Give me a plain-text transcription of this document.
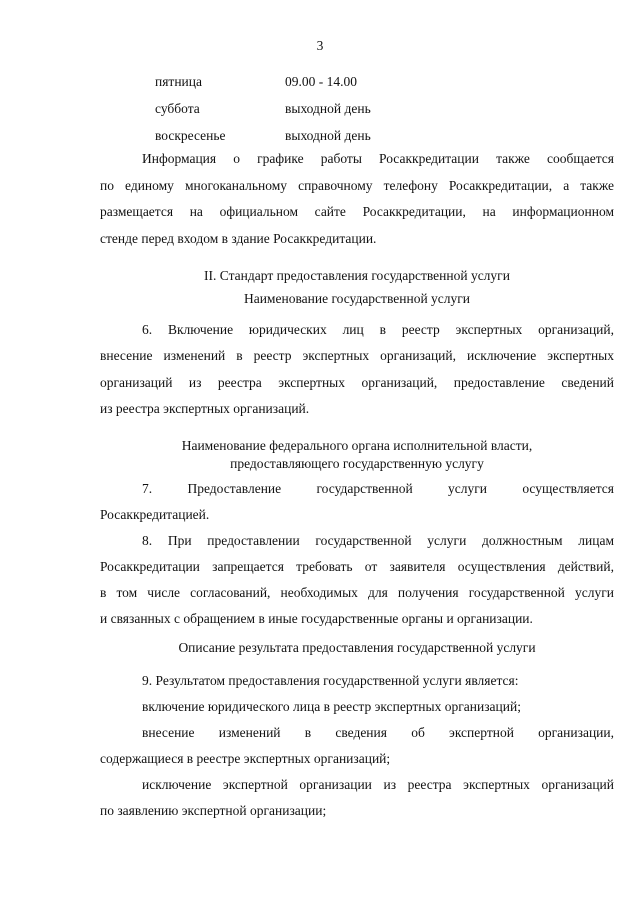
3
пятница	09.00 - 14.00
суббота	выходной день
воскресенье	выходной день
Информация о графике работы Росаккредитации также сообщается
по единому многоканальному справочному телефону Росаккредитации, а также
размещается на официальном сайте Росаккредитации, на информационном
стенде перед входом в здание Росаккредитации.
II. Стандарт предоставления государственной услуги
Наименование государственной услуги
6. Включение юридических лиц в реестр экспертных организаций,
внесение изменений в реестр экспертных организаций, исключение экспертных
организаций из реестра экспертных организаций, предоставление сведений
из реестра экспертных организаций.
Наименование федерального органа исполнительной власти,
предоставляющего государственную услугу
7. Предоставление государственной услуги осуществляется
Росаккредитацией.
8. При предоставлении государственной услуги должностным лицам
Росаккредитации запрещается требовать от заявителя осуществления действий,
в том числе согласований, необходимых для получения государственной услуги
и связанных с обращением в иные государственные органы и организации.
Описание результата предоставления государственной услуги
9. Результатом предоставления государственной услуги является:
включение юридического лица в реестр экспертных организаций;
внесение изменений в сведения об экспертной организации,
содержащиеся в реестре экспертных организаций;
исключение экспертной организации из реестра экспертных организаций
по заявлению экспертной организации;
